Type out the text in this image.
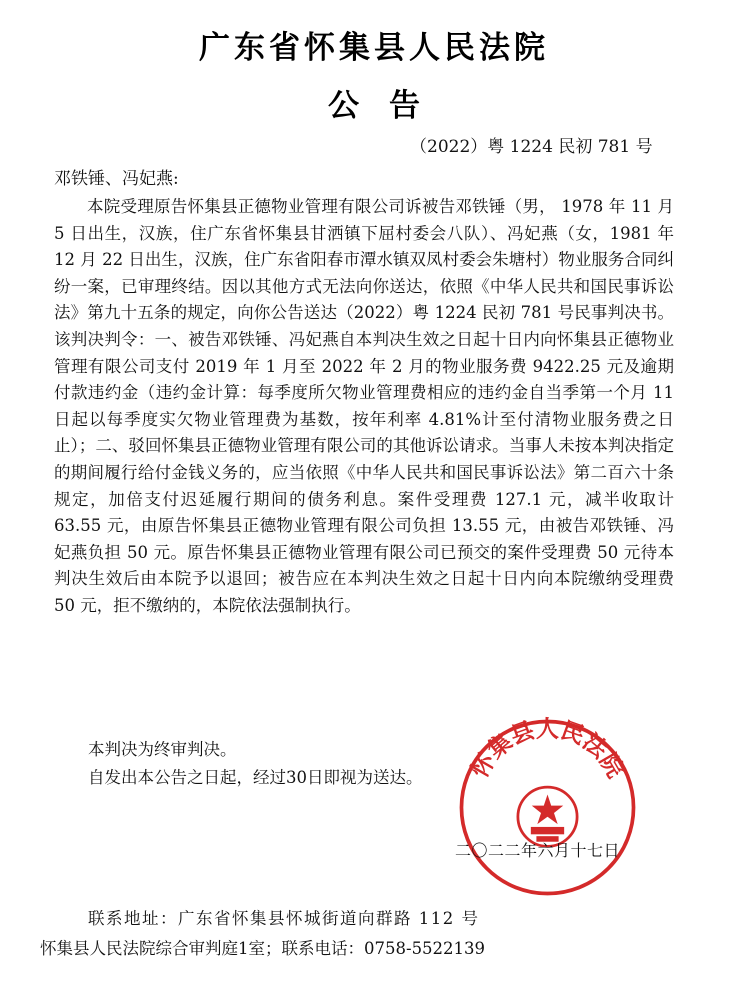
广东省怀集县人民法院
公告
（2022）粤 1224 民初 781 号
邓铁锤、冯妃燕:

本院受理原告怀集县正德物业管理有限公司诉被告邓铁锤（男， 1978 年 11 月 5 日出生，汉族，住广东省怀集县甘洒镇下屈村委会八队）、冯妃燕（女，1981 年 12 月 22 日出生，汉族，住广东省阳春市潭水镇双凤村委会朱塘村）物业服务合同纠纷一案，已审理终结。因以其他方式无法向你送达，依照《中华人民共和国民事诉讼法》第九十五条的规定，向你公告送达（2022）粤 1224 民初 781 号民事判决书。该判决判令：一、被告邓铁锤、冯妃燕自本判决生效之日起十日内向怀集县正德物业管理有限公司支付 2019 年 1 月至 2022 年 2 月的物业服务费 9422.25 元及逾期付款违约金（违约金计算：每季度所欠物业管理费相应的违约金自当季第一个月 11 日起以每季度实欠物业管理费为基数，按年利率 4.81%计至付清物业服务费之日止）；二、驳回怀集县正德物业管理有限公司的其他诉讼请求。当事人未按本判决指定的期间履行给付金钱义务的，应当依照《中华人民共和国民事诉讼法》第二百六十条规定，加倍支付迟延履行期间的债务利息。案件受理费 127.1 元，减半收取计 63.55 元，由原告怀集县正德物业管理有限公司负担 13.55 元，由被告邓铁锤、冯妃燕负担 50 元。原告怀集县正德物业管理有限公司已预交的案件受理费 50 元待本判决生效后由本院予以退回；被告应在本判决生效之日起十日内向本院缴纳受理费 50 元，拒不缴纳的，本院依法强制执行。

本判决为终审判决。
自发出本公告之日起，经过30日即视为送达。 怀集县人民法院
二〇二二年六月十七日
联系地址：广东省怀集县怀城街道向群路 112 号
怀集县人民法院综合审判庭1室；联系电话：0758-5522139
